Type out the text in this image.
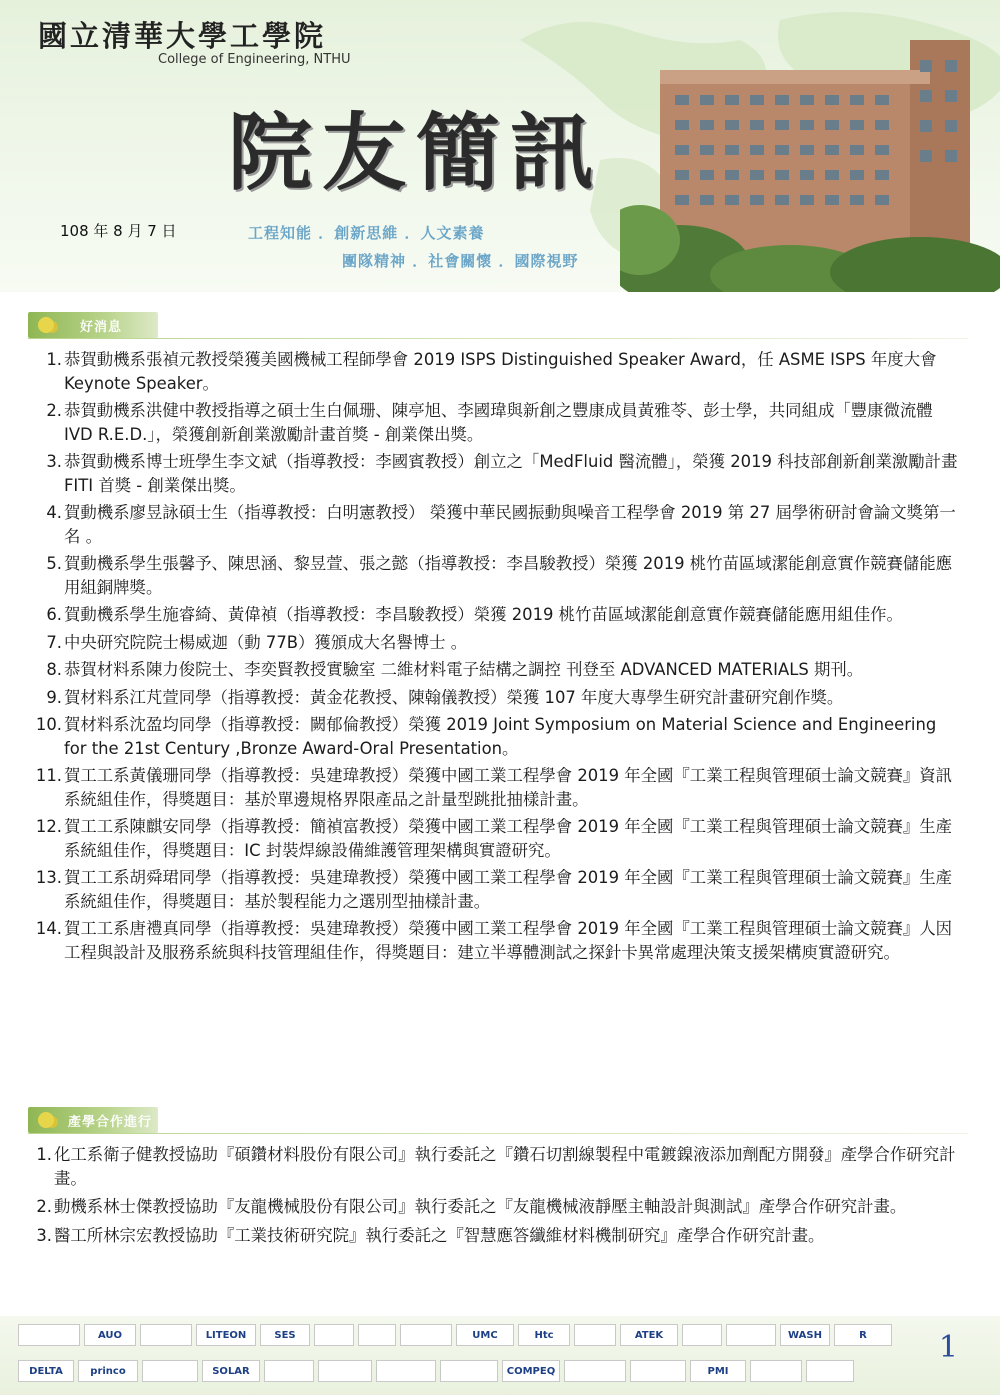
國立清華大學工學院
College of Engineering, NTHU
院友簡訊
108 年 8 月 7 日	工程知能 ．創新思維 ．人文素養
團隊精神 ．社會關懷 ．國際視野
好消息
1. 恭賀動機系張禎元教授榮獲美國機械工程師學會 2019 ISPS Distinguished Speaker Award，任 ASME ISPS 年度大會 Keynote Speaker。
2. 恭賀動機系洪健中教授指導之碩士生白佩珊、陳亭旭、李國瑋與新創之豐康成員黃雅苓、彭士學，共同組成「豐康微流體 IVD R.E.D.」，榮獲創新創業激勵計畫首獎 - 創業傑出獎。
3. 恭賀動機系博士班學生李文斌（指導教授：李國賓教授）創立之「MedFluid 醫流體」，榮獲 2019 科技部創新創業激勵計畫 FITI 首獎 - 創業傑出獎。
4. 賀動機系廖昱詠碩士生（指導教授：白明憲教授） 榮獲中華民國振動與噪音工程學會 2019 第 27 屆學術研討會論文獎第一名 。
5. 賀動機系學生張馨予、陳思涵、黎昱萱、張之懿（指導教授：李昌駿教授）榮獲 2019 桃竹苗區域潔能創意實作競賽儲能應用組銅牌獎。
6. 賀動機系學生施睿綺、黃偉禎（指導教授：李昌駿教授）榮獲 2019 桃竹苗區域潔能創意實作競賽儲能應用組佳作。
7. 中央研究院院士楊威迦（動 77B）獲頒成大名譽博士 。
8. 恭賀材料系陳力俊院士、李奕賢教授實驗室 二維材料電子結構之調控 刊登至 ADVANCED MATERIALS 期刊。
9. 賀材料系江芃萱同學（指導教授：黃金花教授、陳翰儀教授）榮獲 107 年度大專學生研究計畫研究創作獎。
10. 賀材料系沈盈均同學（指導教授：闕郁倫教授）榮獲 2019 Joint Symposium on Material Science and Engineering for the 21st Century ,Bronze Award-Oral Presentation。
11. 賀工工系黃儀珊同學（指導教授：吳建瑋教授）榮獲中國工業工程學會 2019 年全國『工業工程與管理碩士論文競賽』資訊系統組佳作，得獎題目：基於單邊規格界限產品之計量型跳批抽樣計畫。
12. 賀工工系陳麒安同學（指導教授：簡禎富教授）榮獲中國工業工程學會 2019 年全國『工業工程與管理碩士論文競賽』生產系統組佳作，得獎題目：IC 封裝焊線設備維護管理架構與實證研究。
13. 賀工工系胡舜珺同學（指導教授：吳建瑋教授）榮獲中國工業工程學會 2019 年全國『工業工程與管理碩士論文競賽』生產系統組佳作，得獎題目：基於製程能力之選別型抽樣計畫。
14. 賀工工系唐禮真同學（指導教授：吳建瑋教授）榮獲中國工業工程學會 2019 年全國『工業工程與管理碩士論文競賽』人因工程與設計及服務系統與科技管理組佳作，得獎題目：建立半導體測試之探針卡異常處理決策支援架構庾實證研究。
產學合作進行曲
1. 化工系衛子健教授協助『碩鑽材料股份有限公司』執行委託之『鑽石切割線製程中電鍍鎳液添加劑配方開發』產學合作研究計畫。
2. 動機系林士傑教授協助『友龍機械股份有限公司』執行委託之『友龍機械液靜壓主軸設計與測試』產學合作研究計畫。
3. 醫工所林宗宏教授協助『工業技術研究院』執行委託之『智慧應答纖維材料機制研究』產學合作研究計畫。
AUO	LITEON	SES	UMC	Htc	ATEK	WASH	R
DELTA	princo	SOLAR	COMPEQ	PMI
1
